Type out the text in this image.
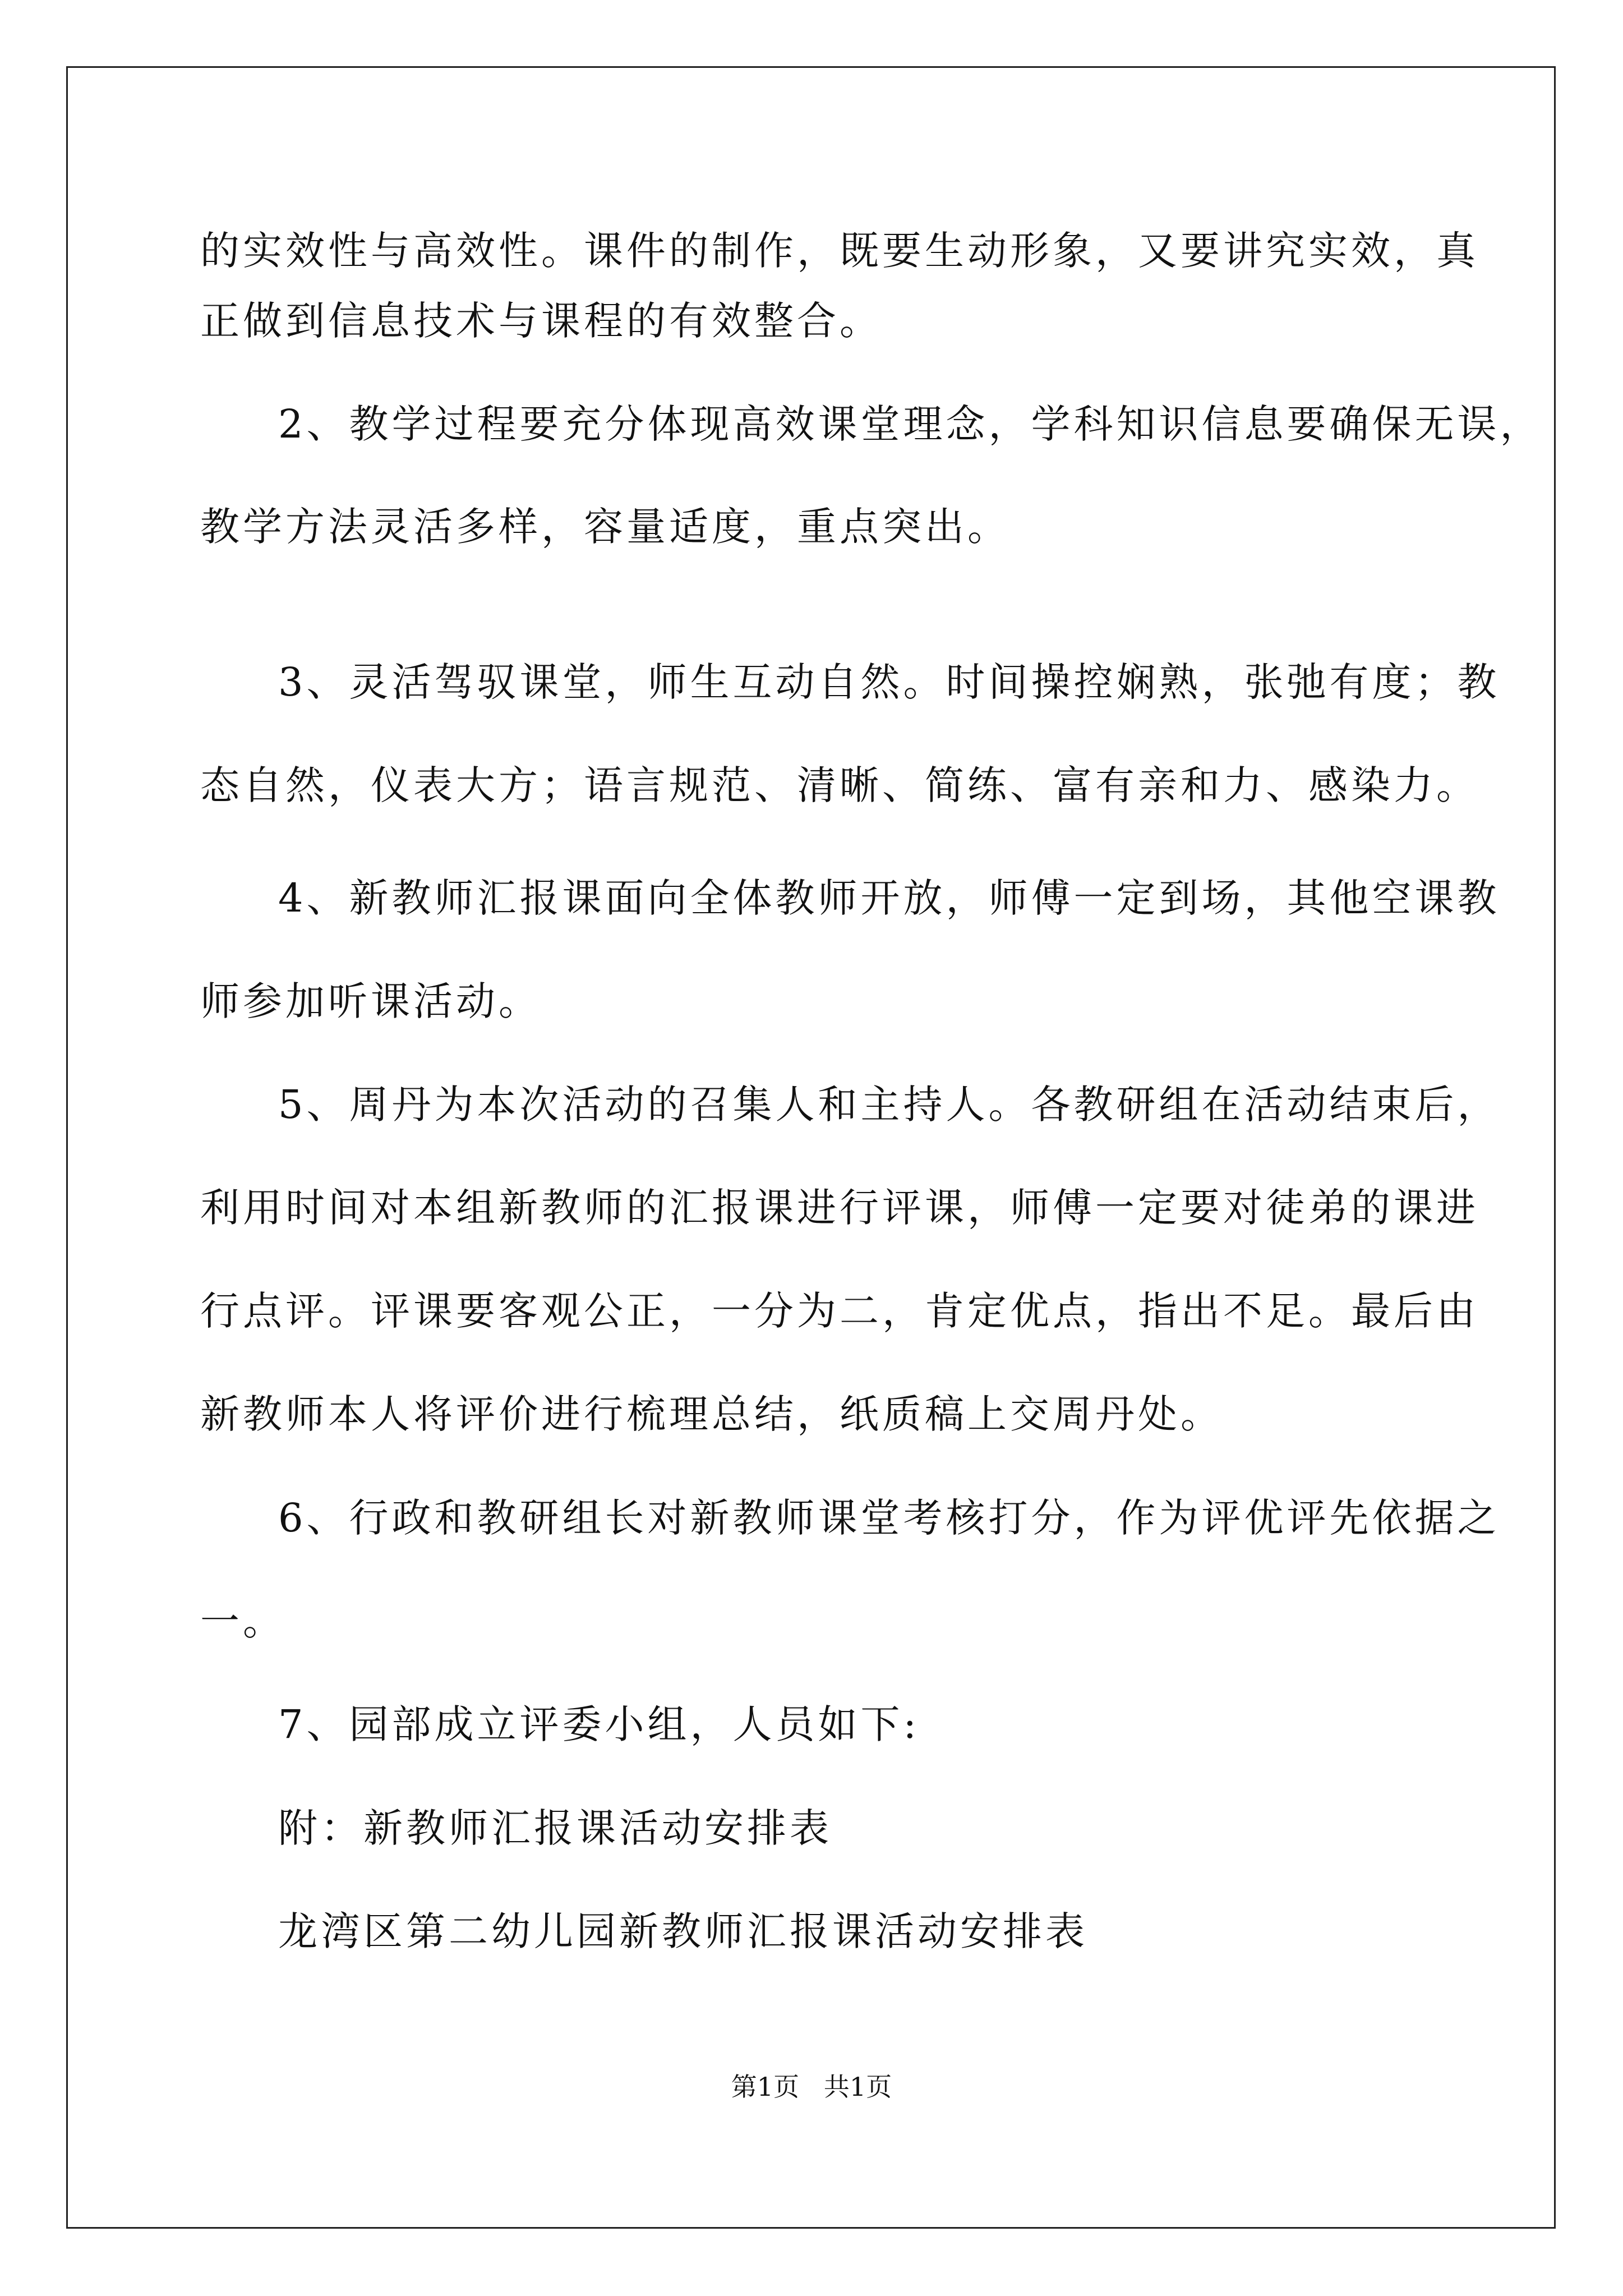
的实效性与高效性。课件的制作，既要生动形象，又要讲究实效，真
正做到信息技术与课程的有效整合。
2、教学过程要充分体现高效课堂理念，学科知识信息要确保无误，
教学方法灵活多样，容量适度，重点突出。
3、灵活驾驭课堂，师生互动自然。时间操控娴熟，张弛有度；教
态自然，仪表大方；语言规范、清晰、简练、富有亲和力、感染力。
4、新教师汇报课面向全体教师开放，师傅一定到场，其他空课教
师参加听课活动。
5、周丹为本次活动的召集人和主持人。各教研组在活动结束后，
利用时间对本组新教师的汇报课进行评课，师傅一定要对徒弟的课进
行点评。评课要客观公正，一分为二，肯定优点，指出不足。最后由
新教师本人将评价进行梳理总结，纸质稿上交周丹处。
6、行政和教研组长对新教师课堂考核打分，作为评优评先依据之
一。
7、园部成立评委小组，人员如下:
附：新教师汇报课活动安排表
龙湾区第二幼儿园新教师汇报课活动安排表
第1页   共1页
